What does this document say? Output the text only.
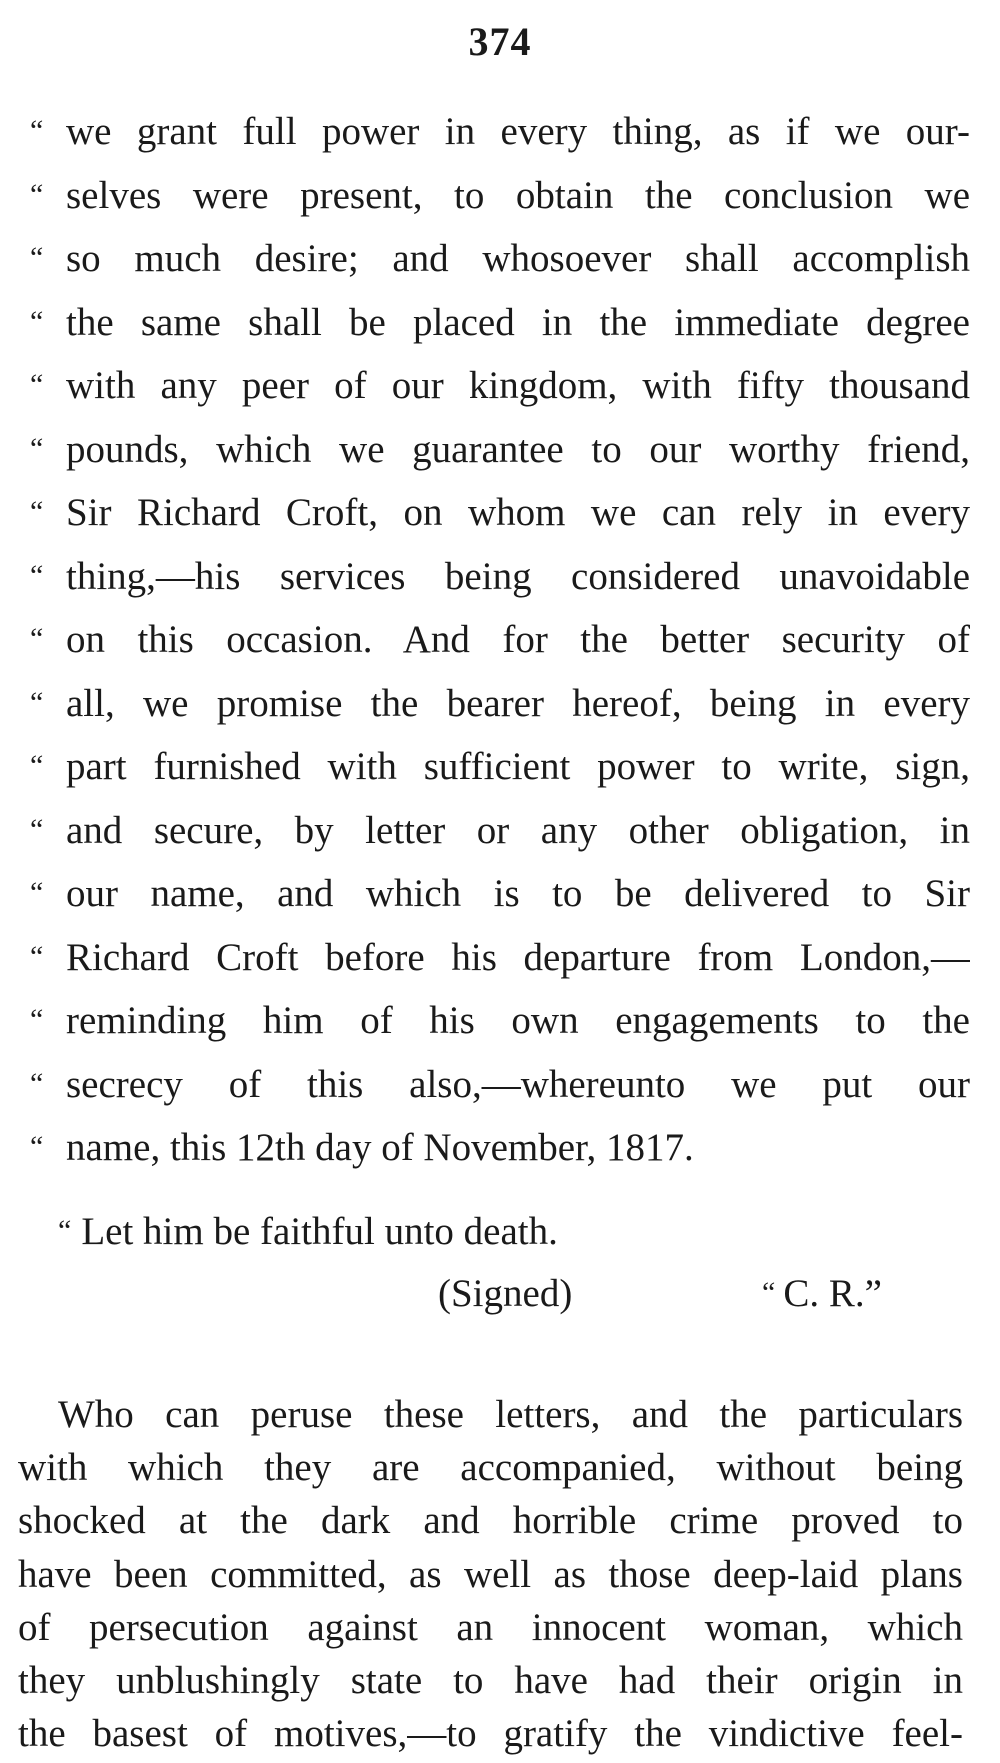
374
“ we grant full power in every thing, as if we our-
“ selves were present, to obtain the conclusion we
“ so much desire; and whosoever shall accomplish
“ the same shall be placed in the immediate degree
“ with any peer of our kingdom, with fifty thousand
“ pounds, which we guarantee to our worthy friend,
“ Sir Richard Croft, on whom we can rely in every
“ thing,—his services being considered unavoidable
“ on this occasion. And for the better security of
“ all, we promise the bearer hereof, being in every
“ part furnished with sufficient power to write, sign,
“ and secure, by letter or any other obligation, in
“ our name, and which is to be delivered to Sir
“ Richard Croft before his departure from London,—
“ reminding him of his own engagements to the
“ secrecy of this also,—whereunto we put our
“ name, this 12th day of November, 1817.
“ Let him be faithful unto death.
(Signed)	“ C. R.”
Who can peruse these letters, and the particulars
with which they are accompanied, without being
shocked at the dark and horrible crime proved to
have been committed, as well as those deep-laid plans
of persecution against an innocent woman, which
they unblushingly state to have had their origin in
the basest of motives,—to gratify the vindictive feel-
